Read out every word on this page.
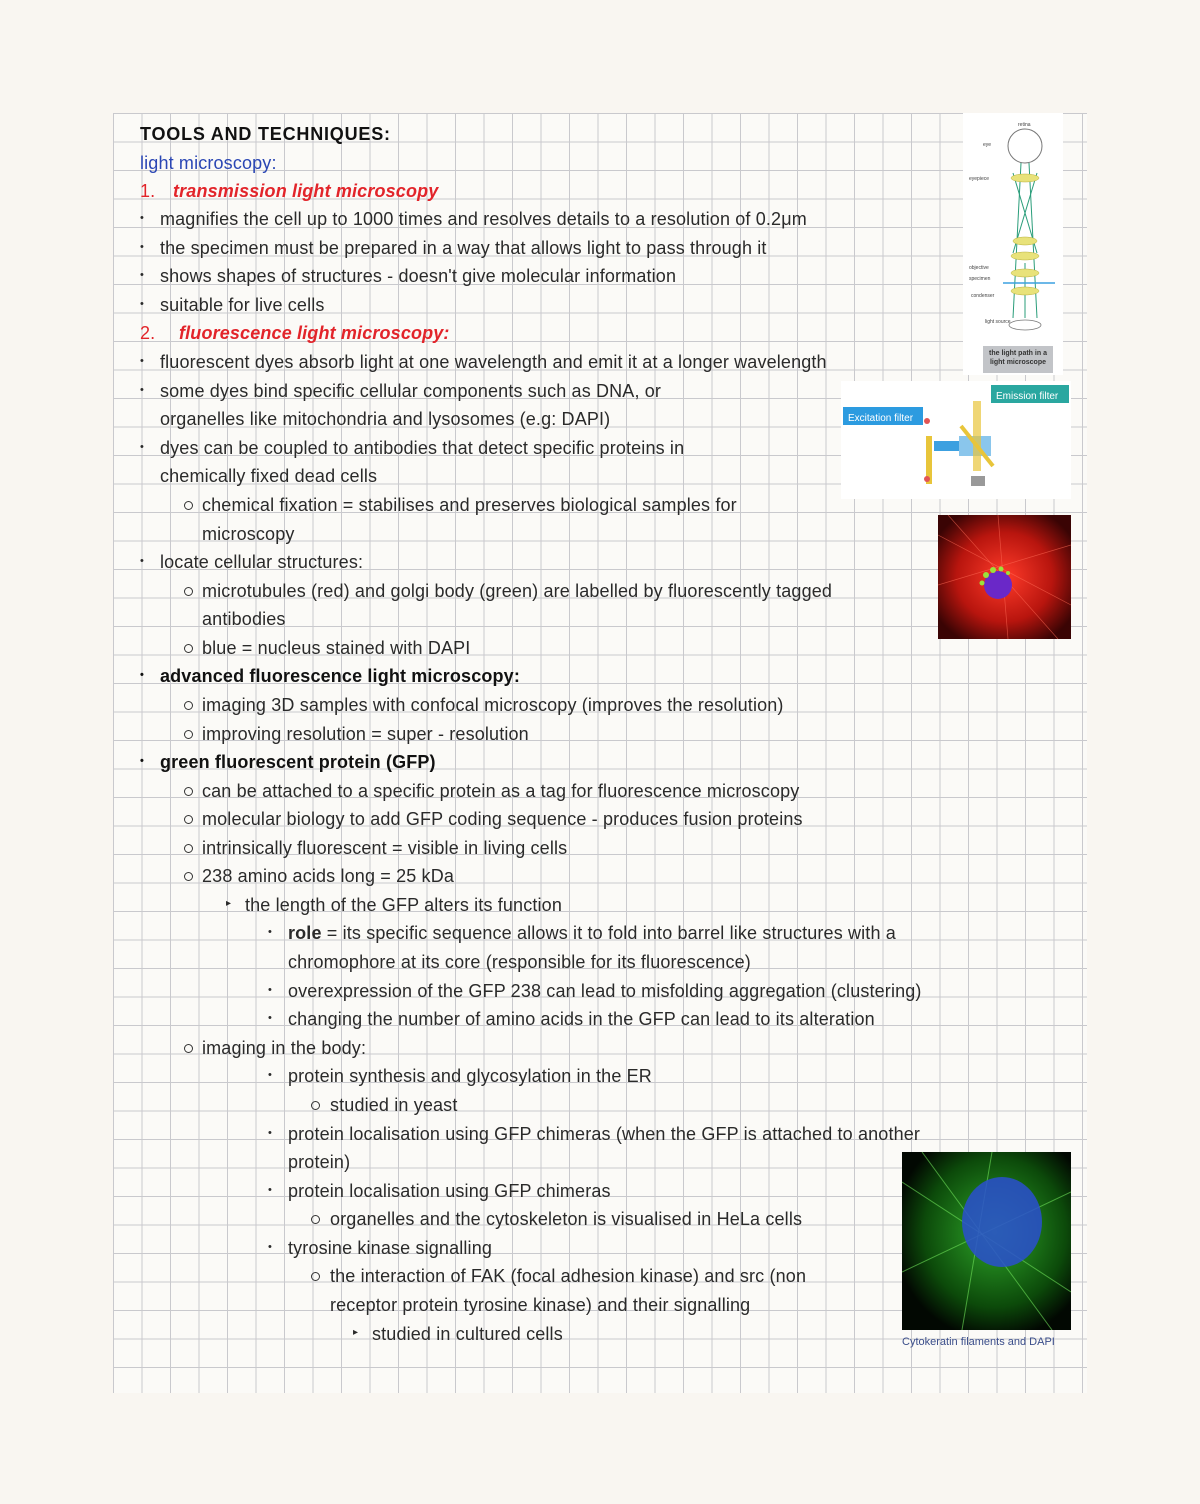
TOOLS AND TECHNIQUES:
light microscopy:
1. transmission light microscopy
• magnifies the cell up to 1000 times and resolves details to a resolution of 0.2μm
• the specimen must be prepared in a way that allows light to pass through it
• shows shapes of structures - doesn't give molecular information
• suitable for live cells
2. fluorescence light microscopy:
• fluorescent dyes absorb light at one wavelength and emit it at a longer wavelength
• some dyes bind specific cellular components such as DNA, or
organelles like mitochondria and lysosomes (e.g: DAPI)
• dyes can be coupled to antibodies that detect specific proteins in
chemically fixed dead cells
chemical fixation = stabilises and preserves biological samples for
microscopy
• locate cellular structures:
microtubules (red) and golgi body (green) are labelled by fluorescently tagged
antibodies
blue = nucleus stained with DAPI
• advanced fluorescence light microscopy:
imaging 3D samples with confocal microscopy (improves the resolution)
improving resolution = super - resolution
• green fluorescent protein (GFP)
can be attached to a specific protein as a tag for fluorescence microscopy
molecular biology to add GFP coding sequence - produces fusion proteins
intrinsically fluorescent = visible in living cells
238 amino acids long = 25 kDa
▸ the length of the GFP alters its function
• role = its specific sequence allows it to fold into barrel like structures with a
chromophore at its core (responsible for its fluorescence)
• overexpression of the GFP 238 can lead to misfolding aggregation (clustering)
• changing the number of amino acids in the GFP can lead to its alteration
imaging in the body:
• protein synthesis and glycosylation in the ER
studied in yeast
• protein localisation using GFP chimeras (when the GFP is attached to another
protein)
• protein localisation using GFP chimeras
organelles and the cytoskeleton is visualised in HeLa cells
• tyrosine kinase signalling
the interaction of FAK (focal adhesion kinase) and src (non
receptor protein tyrosine kinase) and their signalling
▸ studied in cultured cells
retina
eye
eyepiece
objective
specimen
condenser
light source
the light path in a light microscope
Excitation filter
Emission filter
Cytokeratin filaments and DAPI
